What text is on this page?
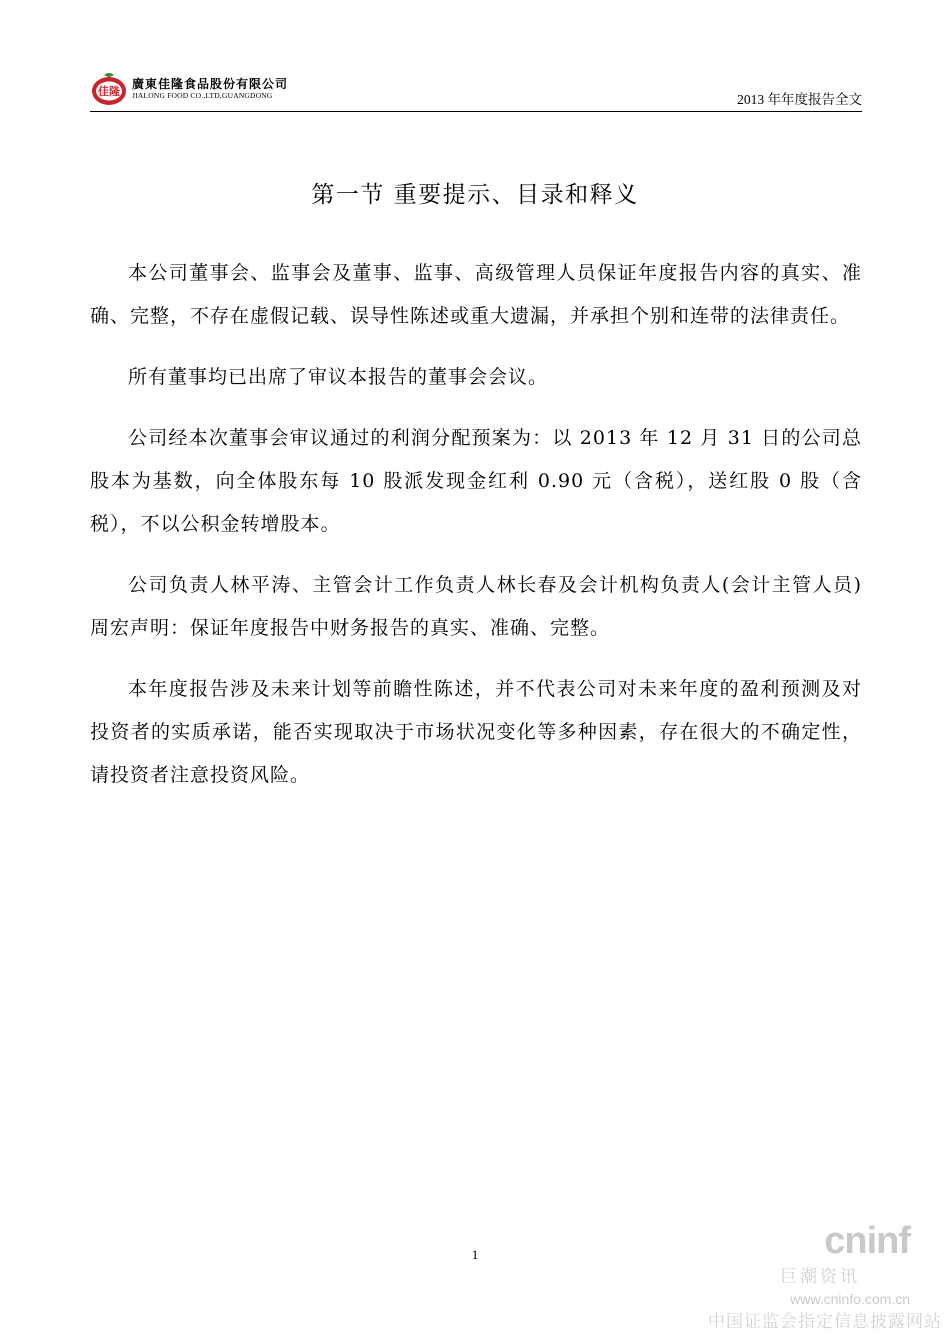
佳隆
廣東佳隆食品股份有限公司
JIALONG FOOD CO.,LTD,GUANGDONG	2013 年年度报告全文
第一节 重要提示、目录和释义

本公司董事会、监事会及董事、监事、高级管理人员保证年度报告内容的真实、准确、完整，不存在虚假记载、误导性陈述或重大遗漏，并承担个别和连带的法律责任。

所有董事均已出席了审议本报告的董事会会议。

公司经本次董事会审议通过的利润分配预案为：以 2013 年 12 月 31 日的公司总股本为基数，向全体股东每 10 股派发现金红利 0.90 元（含税），送红股 0 股（含税），不以公积金转增股本。

公司负责人林平涛、主管会计工作负责人林长春及会计机构负责人(会计主管人员)周宏声明：保证年度报告中财务报告的真实、准确、完整。

本年度报告涉及未来计划等前瞻性陈述，并不代表公司对未来年度的盈利预测及对投资者的实质承诺，能否实现取决于市场状况变化等多种因素，存在很大的不确定性，请投资者注意投资风险。

1	cninf
巨潮资讯
www.cninfo.com.cn
中国证监会指定信息披露网站
